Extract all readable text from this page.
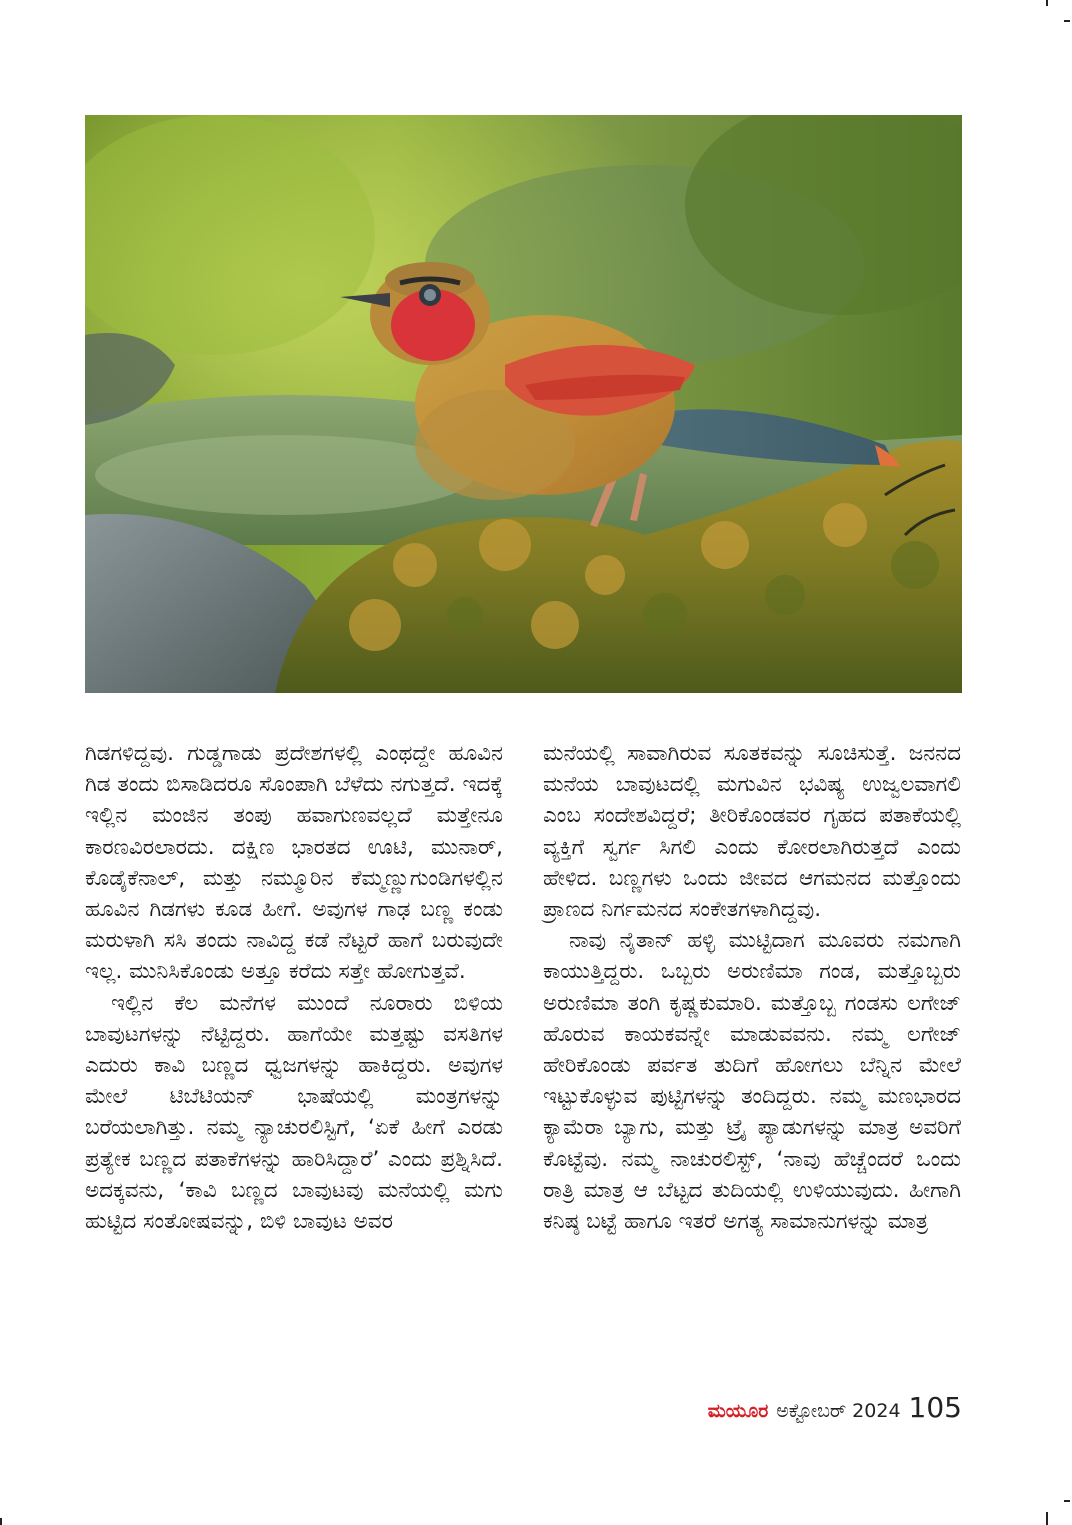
ಗಿಡಗಳಿದ್ದವು. ಗುಡ್ಡಗಾಡು ಪ್ರದೇಶಗಳಲ್ಲಿ ಎಂಥದ್ದೇ ಹೂವಿನ ಗಿಡ ತಂದು ಬಿಸಾಡಿದರೂ ಸೊಂಪಾಗಿ ಬೆಳೆದು ನಗುತ್ತದೆ. ಇದಕ್ಕೆ ಇಲ್ಲಿನ ಮಂಜಿನ ತಂಪು ಹವಾಗುಣವಲ್ಲದೆ ಮತ್ತೇನೂ ಕಾರಣವಿರಲಾರದು. ದಕ್ಷಿಣ ಭಾರತದ ಊಟಿ, ಮುನಾರ್, ಕೊಡೈಕೆನಾಲ್, ಮತ್ತು ನಮ್ಮೂರಿನ ಕೆಮ್ಮಣ್ಣುಗುಂಡಿಗಳಲ್ಲಿನ ಹೂವಿನ ಗಿಡಗಳು ಕೂಡ ಹೀಗೆ. ಅವುಗಳ ಗಾಢ ಬಣ್ಣ ಕಂಡು ಮರುಳಾಗಿ ಸಸಿ ತಂದು ನಾವಿದ್ದ ಕಡೆ ನೆಟ್ಟರೆ ಹಾಗೆ ಬರುವುದೇ ಇಲ್ಲ. ಮುನಿಸಿಕೊಂಡು ಅತ್ತೂ ಕರೆದು ಸತ್ತೇ ಹೋಗುತ್ತವೆ.

ಇಲ್ಲಿನ ಕೆಲ ಮನೆಗಳ ಮುಂದೆ ನೂರಾರು ಬಿಳಿಯ ಬಾವುಟಗಳನ್ನು ನೆಟ್ಟಿದ್ದರು. ಹಾಗೆಯೇ ಮತ್ತಷ್ಟು ವಸತಿಗಳ ಎದುರು ಕಾವಿ ಬಣ್ಣದ ಧ್ವಜಗಳನ್ನು ಹಾಕಿದ್ದರು. ಅವುಗಳ ಮೇಲೆ ಟಿಬೆಟಿಯನ್ ಭಾಷೆಯಲ್ಲಿ ಮಂತ್ರಗಳನ್ನು ಬರೆಯಲಾಗಿತ್ತು. ನಮ್ಮ ನ್ಯಾಚುರಲಿಸ್ಟಿಗೆ, ‘ಏಕೆ ಹೀಗೆ ಎರಡು ಪ್ರತ್ಯೇಕ ಬಣ್ಣದ ಪತಾಕೆಗಳನ್ನು ಹಾರಿಸಿದ್ದಾರೆ’ ಎಂದು ಪ್ರಶ್ನಿಸಿದೆ. ಅದಕ್ಕವನು, ‘ಕಾವಿ ಬಣ್ಣದ ಬಾವುಟವು ಮನೆಯಲ್ಲಿ ಮಗು ಹುಟ್ಟಿದ ಸಂತೋಷವನ್ನು, ಬಿಳಿ ಬಾವುಟ ಅವರ

ಮನೆಯಲ್ಲಿ ಸಾವಾಗಿರುವ ಸೂತಕವನ್ನು ಸೂಚಿಸುತ್ತೆ. ಜನನದ ಮನೆಯ ಬಾವುಟದಲ್ಲಿ ಮಗುವಿನ ಭವಿಷ್ಯ ಉಜ್ವಲವಾಗಲಿ ಎಂಬ ಸಂದೇಶವಿದ್ದರೆ; ತೀರಿಕೊಂಡವರ ಗೃಹದ ಪತಾಕೆಯಲ್ಲಿ ವ್ಯಕ್ತಿಗೆ ಸ್ವರ್ಗ ಸಿಗಲಿ ಎಂದು ಕೋರಲಾಗಿರುತ್ತದೆ ಎಂದು ಹೇಳಿದ. ಬಣ್ಣಗಳು ಒಂದು ಜೀವದ ಆಗಮನದ ಮತ್ತೊಂದು ಪ್ರಾಣದ ನಿರ್ಗಮನದ ಸಂಕೇತಗಳಾಗಿದ್ದವು.

ನಾವು ನೈತಾನ್ ಹಳ್ಳಿ ಮುಟ್ಟಿದಾಗ ಮೂವರು ನಮಗಾಗಿ ಕಾಯುತ್ತಿದ್ದರು. ಒಬ್ಬರು ಅರುಣಿಮಾ ಗಂಡ, ಮತ್ತೊಬ್ಬರು ಅರುಣಿಮಾ ತಂಗಿ ಕೃಷ್ಣಕುಮಾರಿ. ಮತ್ತೊಬ್ಬ ಗಂಡಸು ಲಗೇಜ್ ಹೊರುವ ಕಾಯಕವನ್ನೇ ಮಾಡುವವನು. ನಮ್ಮ ಲಗೇಜ್ ಹೇರಿಕೊಂಡು ಪರ್ವತ ತುದಿಗೆ ಹೋಗಲು ಬೆನ್ನಿನ ಮೇಲೆ ಇಟ್ಟುಕೊಳ್ಳುವ ಪುಟ್ಟಿಗಳನ್ನು ತಂದಿದ್ದರು. ನಮ್ಮ ಮಣಭಾರದ ಕ್ಯಾಮೆರಾ ಬ್ಯಾಗು, ಮತ್ತು ಟ್ರೈ ಪ್ಯಾಡುಗಳನ್ನು ಮಾತ್ರ ಅವರಿಗೆ ಕೊಟ್ಟೆವು. ನಮ್ಮ ನಾಚುರಲಿಸ್ಟ್, ‘ನಾವು ಹೆಚ್ಚೆಂದರೆ ಒಂದು ರಾತ್ರಿ ಮಾತ್ರ ಆ ಬೆಟ್ಟದ ತುದಿಯಲ್ಲಿ ಉಳಿಯುವುದು. ಹೀಗಾಗಿ ಕನಿಷ್ಠ ಬಟ್ಟೆ ಹಾಗೂ ಇತರೆ ಅಗತ್ಯ ಸಾಮಾನುಗಳನ್ನು ಮಾತ್ರ

ಮಯೂರ ಅಕ್ಟೋಬರ್ 2024 105
